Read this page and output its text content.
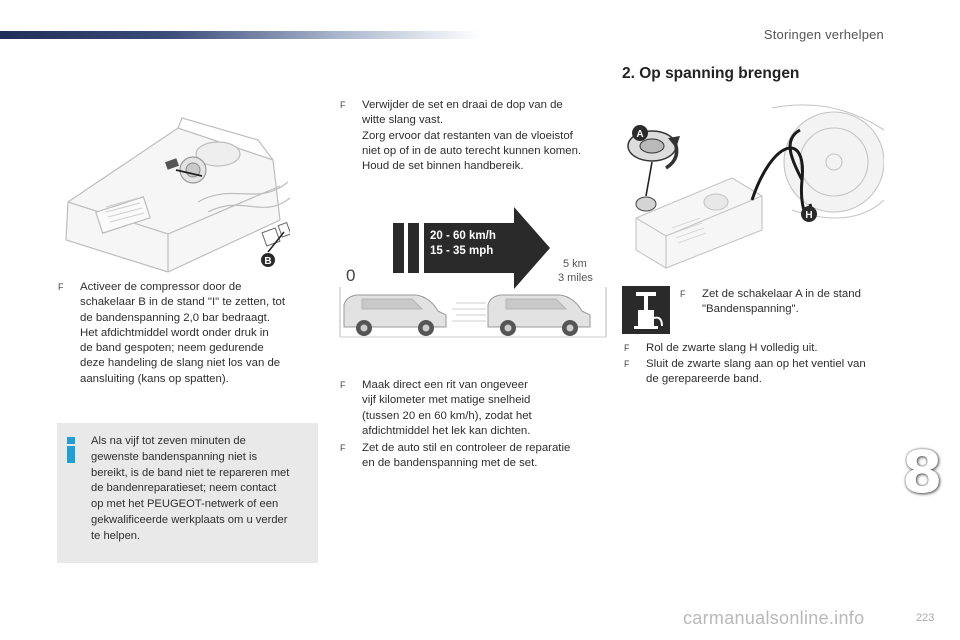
Storingen verhelpen
B
F	Activeer de compressor door de
schakelaar B in de stand "I" te zetten, tot
de bandenspanning 2,0 bar bedraagt.
Het afdichtmiddel wordt onder druk in
de band gespoten; neem gedurende
deze handeling de slang niet los van de
aansluiting (kans op spatten).
Als na vijf tot zeven minuten de
gewenste bandenspanning niet is
bereikt, is de band niet te repareren met
de bandenreparatieset; neem contact
op met het PEUGEOT-netwerk of een
gekwalificeerde werkplaats om u verder
te helpen.
F	Verwijder de set en draai de dop van de
witte slang vast.
Zorg ervoor dat restanten van de vloeistof
niet op of in de auto terecht kunnen komen.
Houd de set binnen handbereik.
20 - 60 km/h
15 - 35 mph
5 km
3 miles
0
F	Maak direct een rit van ongeveer
vijf kilometer met matige snelheid
(tussen 20 en 60 km/h), zodat het
afdichtmiddel het lek kan dichten.
F	Zet de auto stil en controleer de reparatie
en de bandenspanning met de set.
2. Op spanning brengen
A
H
F	Zet de schakelaar A in de stand
"Bandenspanning".
F	Rol de zwarte slang H volledig uit.
F	Sluit de zwarte slang aan op het ventiel van
de gerepareerde band.
8
carmanualsonline.info	223
